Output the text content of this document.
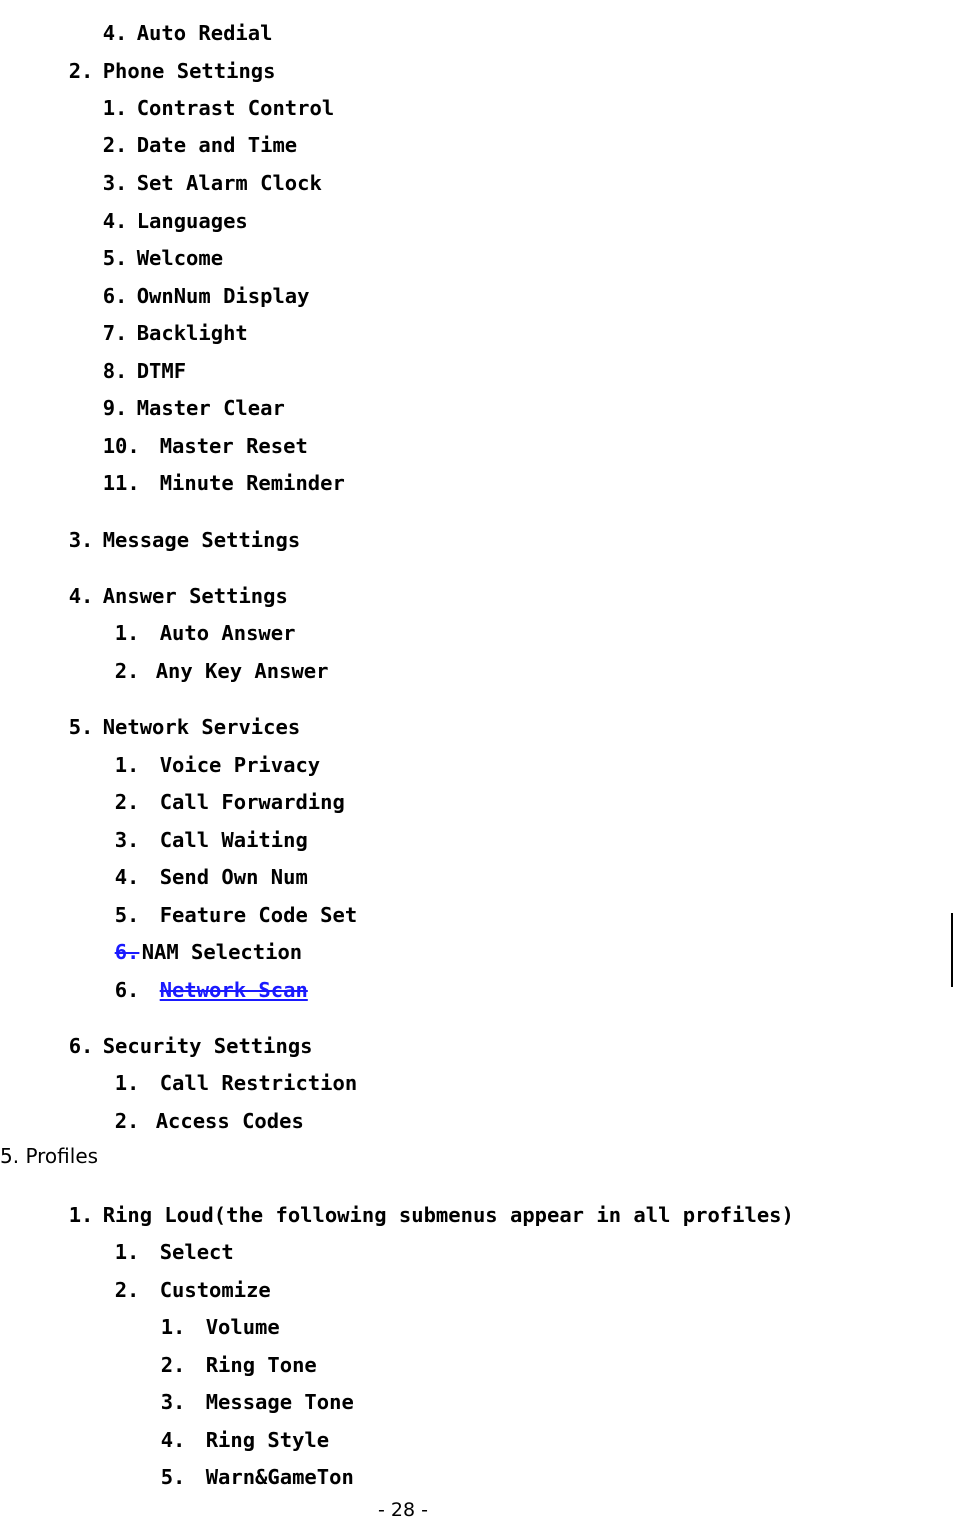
4. Auto Redial

2. Phone Settings

1. Contrast Control

2. Date and Time

3. Set Alarm Clock

4. Languages

5. Welcome

6. OwnNum Display

7. Backlight

8. DTMF

9. Master Clear

10. Master Reset

11. Minute Reminder

3. Message Settings

4. Answer Settings

1. Auto Answer

2. Any Key Answer

5. Network Services

1. Voice Privacy

2. Call Forwarding

3. Call Waiting

4. Send Own Num

5. Feature Code Set

6. NAM Selection

6. Network Scan

6. Security Settings

1. Call Restriction

2. Access Codes

5. Profiles

1. Ring Loud(the following submenus appear in all profiles)

1. Select

2. Customize

1. Volume

2. Ring Tone

3. Message Tone

4. Ring Style

5. Warn&GameTon

- 28 -
